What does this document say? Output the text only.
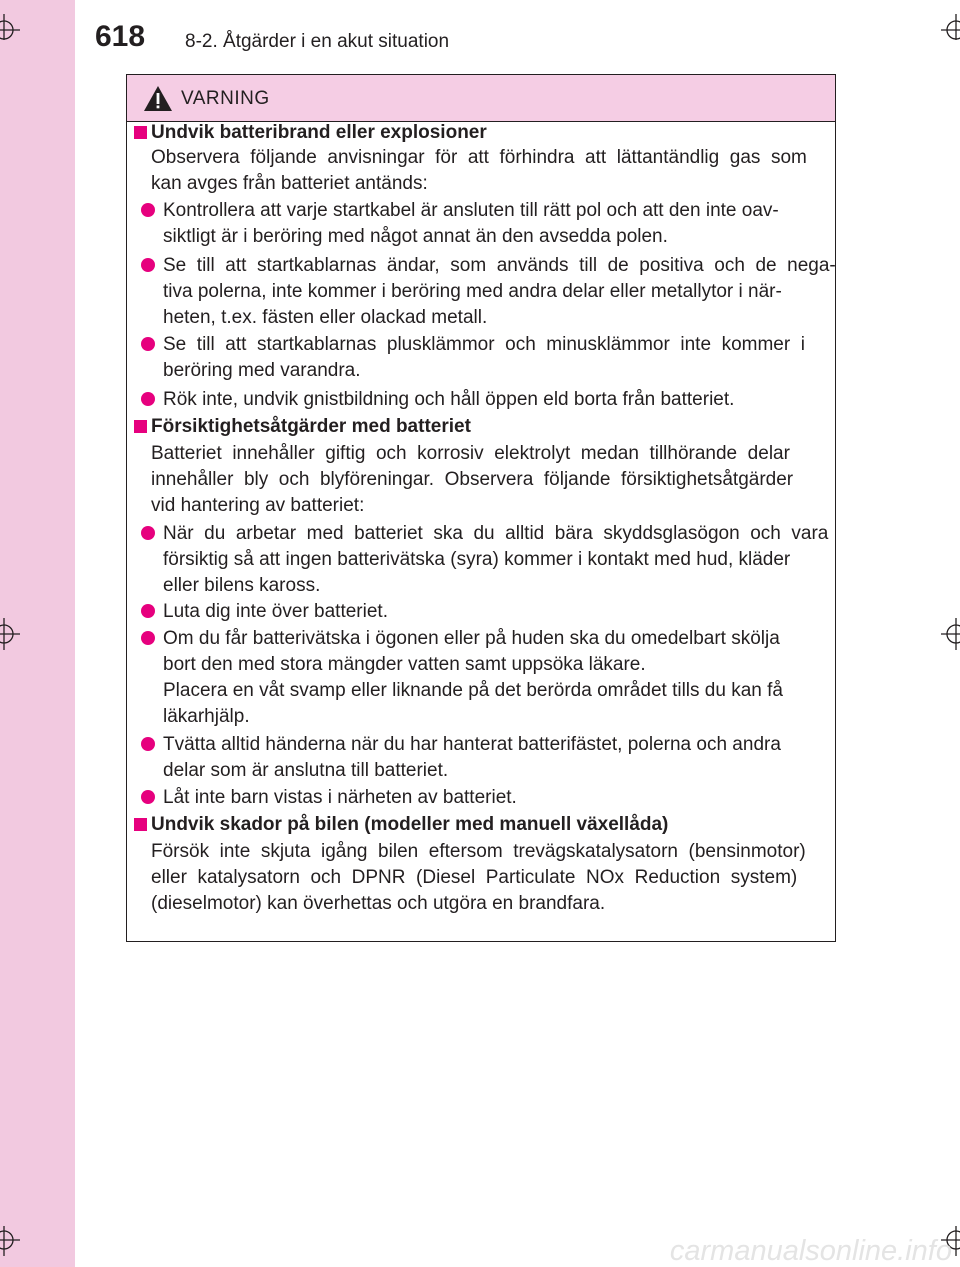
618 8-2. Åtgärder i en akut situation
VARNING
Undvik batteribrand eller explosioner
Observera  följande  anvisningar  för  att  förhindra  att  lättantändlig  gas  som
kan avges från batteriet antänds:
Kontrollera att varje startkabel är ansluten till rätt pol och att den inte oav-
siktligt är i beröring med något annat än den avsedda polen.
Se  till  att  startkablarnas  ändar,  som  används  till  de  positiva  och  de  nega-
tiva polerna, inte kommer i beröring med andra delar eller metallytor i när-
heten, t.ex. fästen eller olackad metall.
Se  till  att  startkablarnas  plusklämmor  och  minusklämmor  inte  kommer  i
beröring med varandra.
Rök inte, undvik gnistbildning och håll öppen eld borta från batteriet.
Försiktighetsåtgärder med batteriet
Batteriet  innehåller  giftig  och  korrosiv  elektrolyt  medan  tillhörande  delar
innehåller  bly  och  blyföreningar.  Observera  följande  försiktighetsåtgärder
vid hantering av batteriet:
När  du  arbetar  med  batteriet  ska  du  alltid  bära  skyddsglasögon  och  vara
försiktig så att ingen batterivätska (syra) kommer i kontakt med hud, kläder
eller bilens kaross.
Luta dig inte över batteriet.
Om du får batterivätska i ögonen eller på huden ska du omedelbart skölja
bort den med stora mängder vatten samt uppsöka läkare.
Placera en våt svamp eller liknande på det berörda området tills du kan få
läkarhjälp.
Tvätta alltid händerna när du har hanterat batterifästet, polerna och andra
delar som är anslutna till batteriet.
Låt inte barn vistas i närheten av batteriet.
Undvik skador på bilen (modeller med manuell växellåda)
Försök  inte  skjuta  igång  bilen  eftersom  trevägskatalysatorn  (bensinmotor)
eller  katalysatorn  och  DPNR  (Diesel  Particulate  NOx  Reduction  system)
(dieselmotor) kan överhettas och utgöra en brandfara.
carmanualsonline.info
